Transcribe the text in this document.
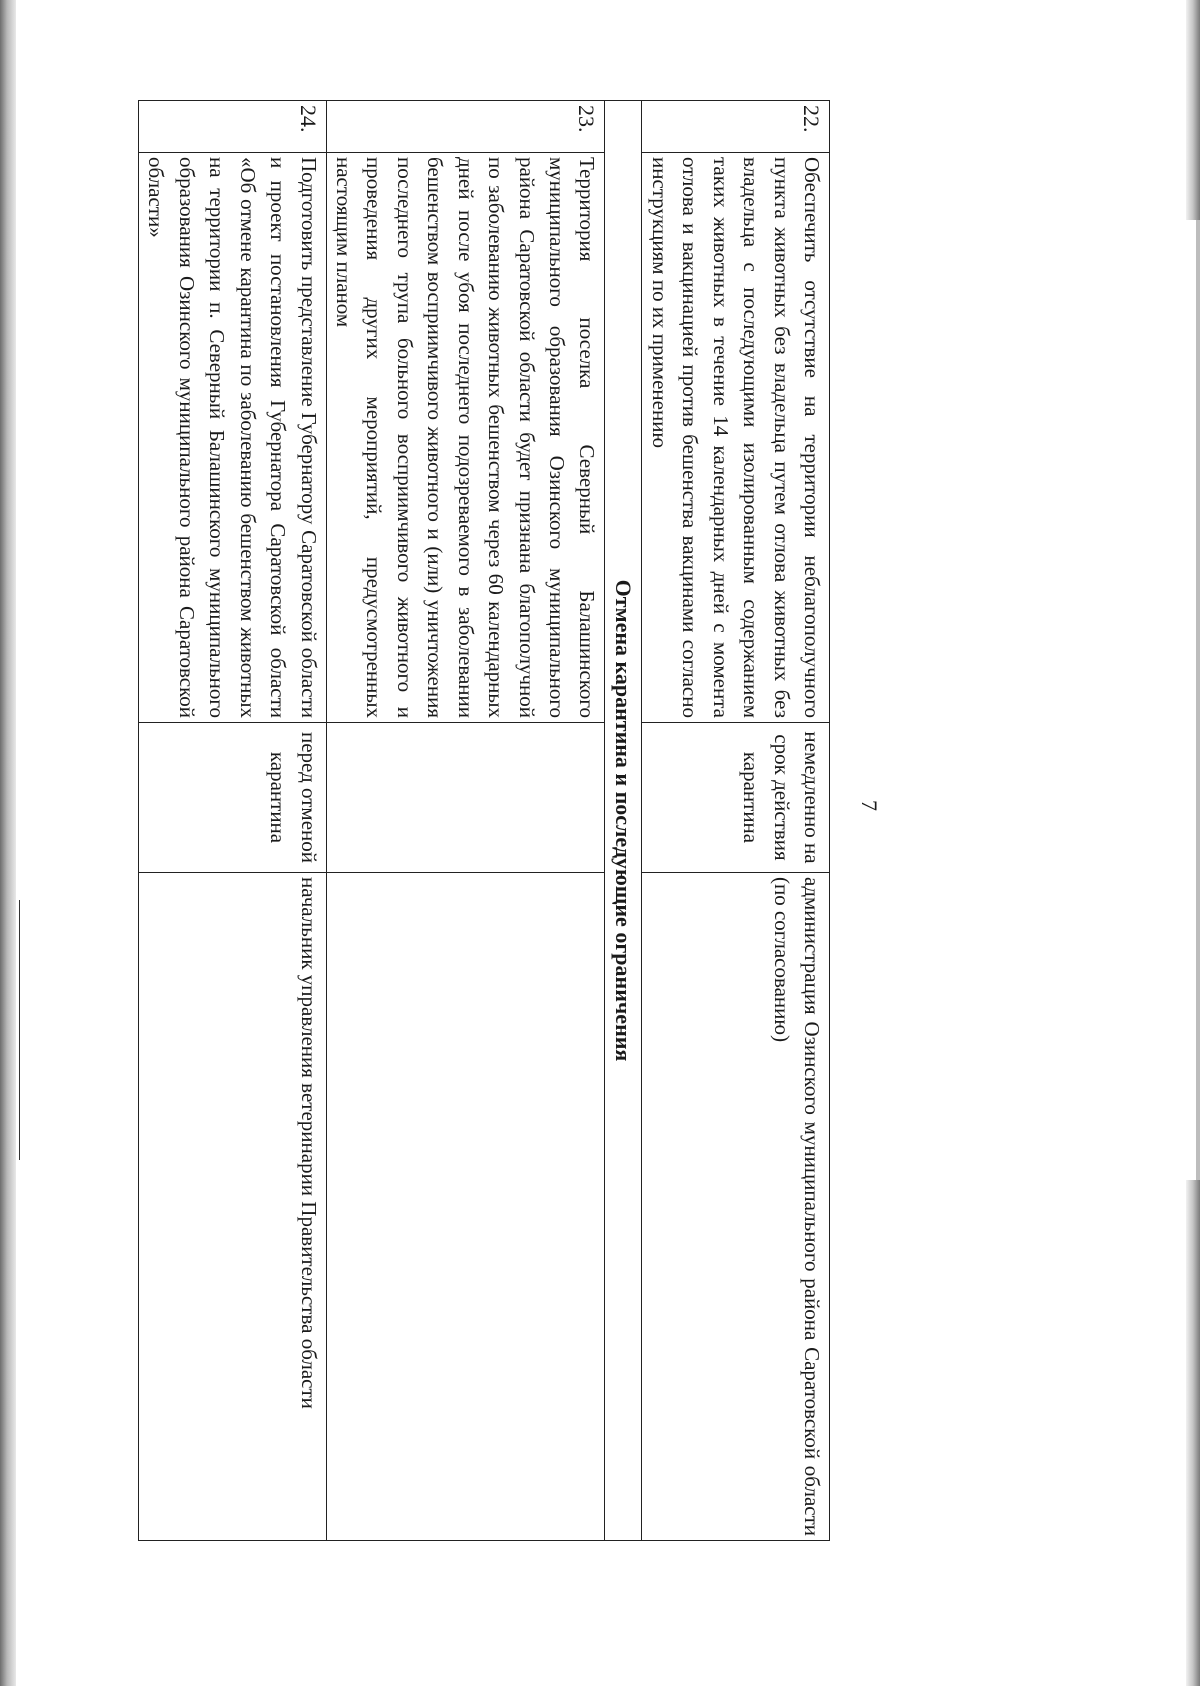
7
22.	Обеспечить отсутствие на территории неблагополучного пункта животных без владельца путем отлова животных без владельца с последующими изолированным содержанием таких животных в течение 14 календарных дней с момента отлова и вакцинацией против бешенства вакцинами согласно инструкциям по их применению	немедленно на срок действия карантина	администрация Озинского муниципального района Саратовской области (по согласованию)
Отмена карантина и последующие ограничения			
23.	Территория поселка Северный Балашинского муниципального образования Озинского муниципального района Саратовской области будет признана благополучной по заболеванию животных бешенством через 60 календарных дней после убоя последнего подозреваемого в заболевании бешенством восприимчивого животного и (или) уничтожения последнего трупа больного восприимчивого животного и проведения других мероприятий, предусмотренных настоящим планом		
24.	Подготовить представление Губернатору Саратовской области и проект постановления Губернатора Саратовской области «Об отмене карантина по заболеванию бешенством животных на территории п. Северный Балашинского муниципального образования Озинского муниципального района Саратовской области»	перед отменой карантина	начальник управления ветеринарии Правительства области
